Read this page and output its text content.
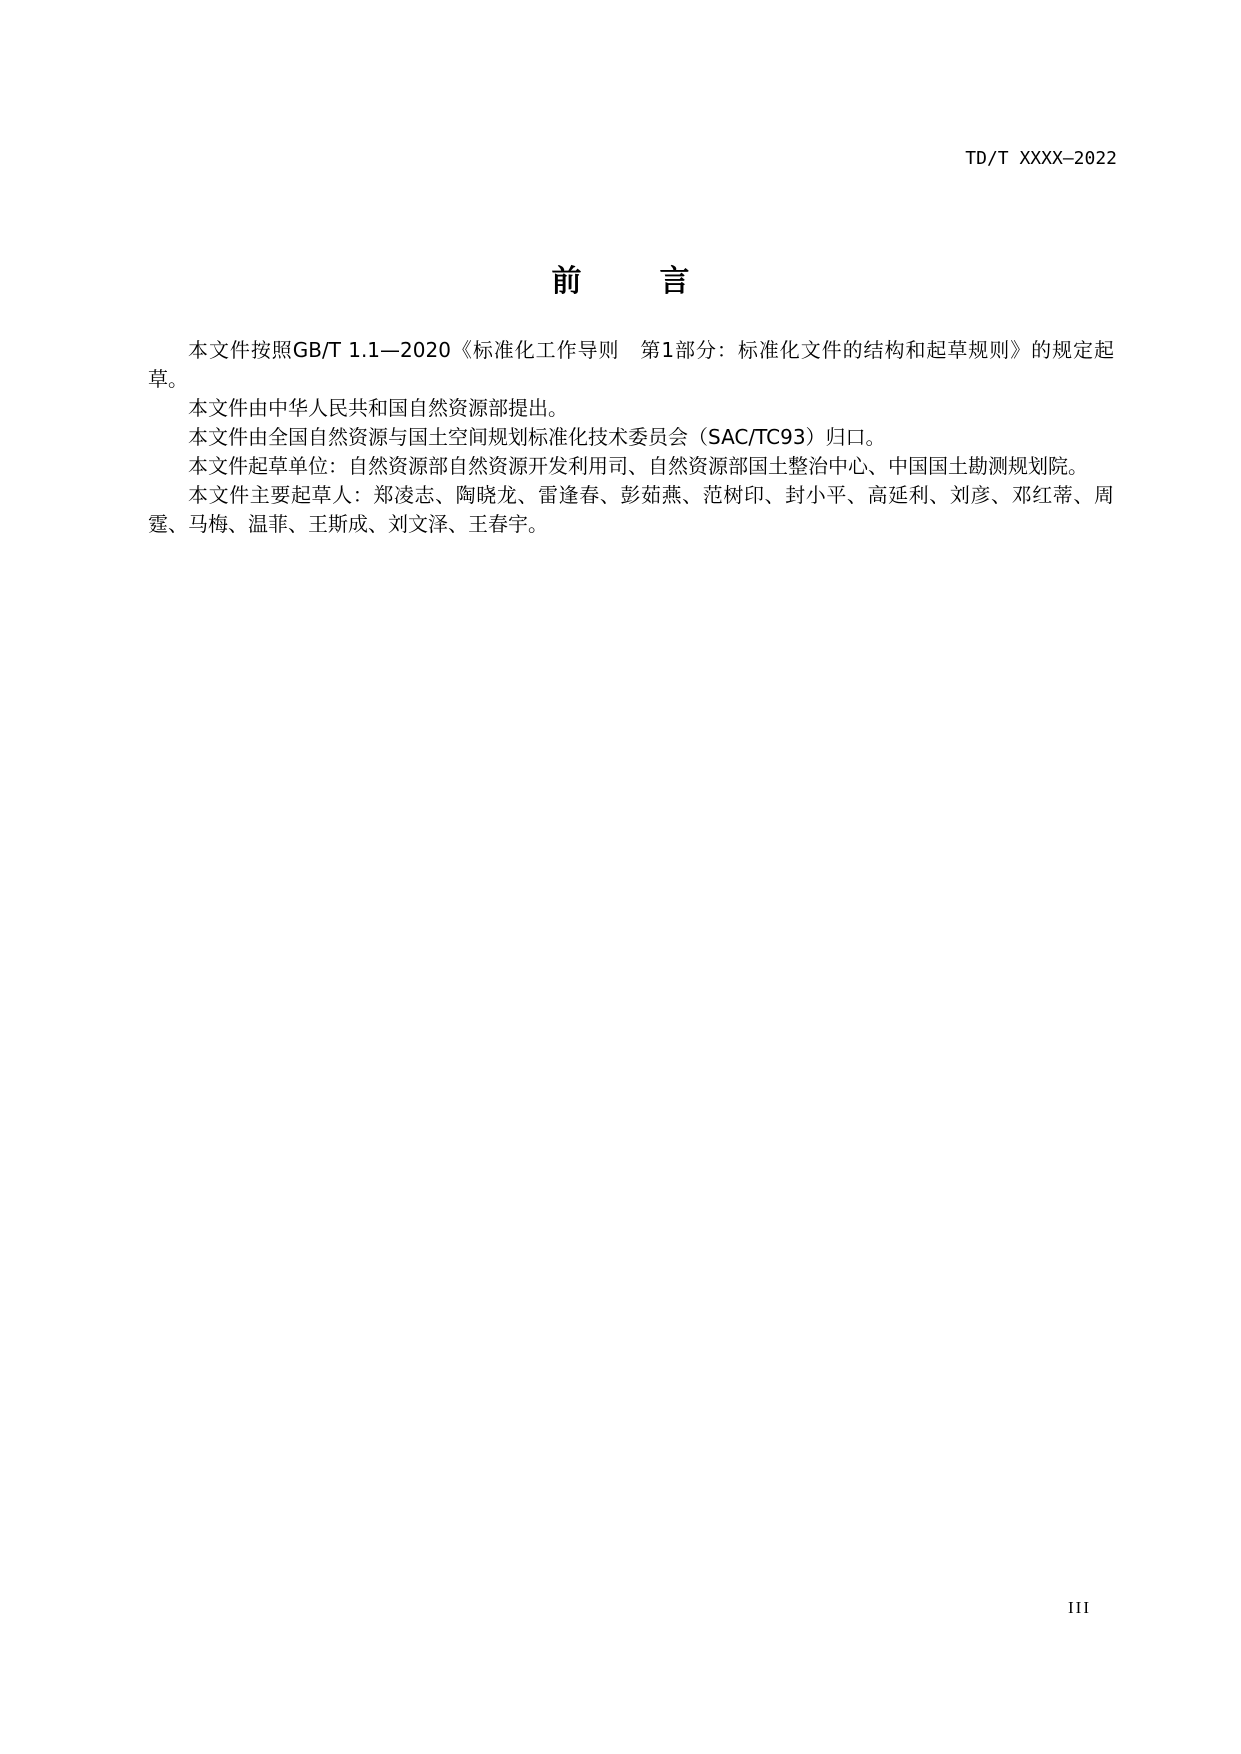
TD/T XXXX—2022
前	言

本文件按照GB/T 1.1—2020《标准化工作导则　第1部分：标准化文件的结构和起草规则》的规定起草。

本文件由中华人民共和国自然资源部提出。

本文件由全国自然资源与国土空间规划标准化技术委员会（SAC/TC93）归口。

本文件起草单位：自然资源部自然资源开发利用司、自然资源部国土整治中心、中国国土勘测规划院。

本文件主要起草人：郑凌志、陶晓龙、雷逢春、彭茹燕、范树印、封小平、高延利、刘彦、邓红蒂、周霆、马梅、温菲、王斯成、刘文泽、王春宇。

III
